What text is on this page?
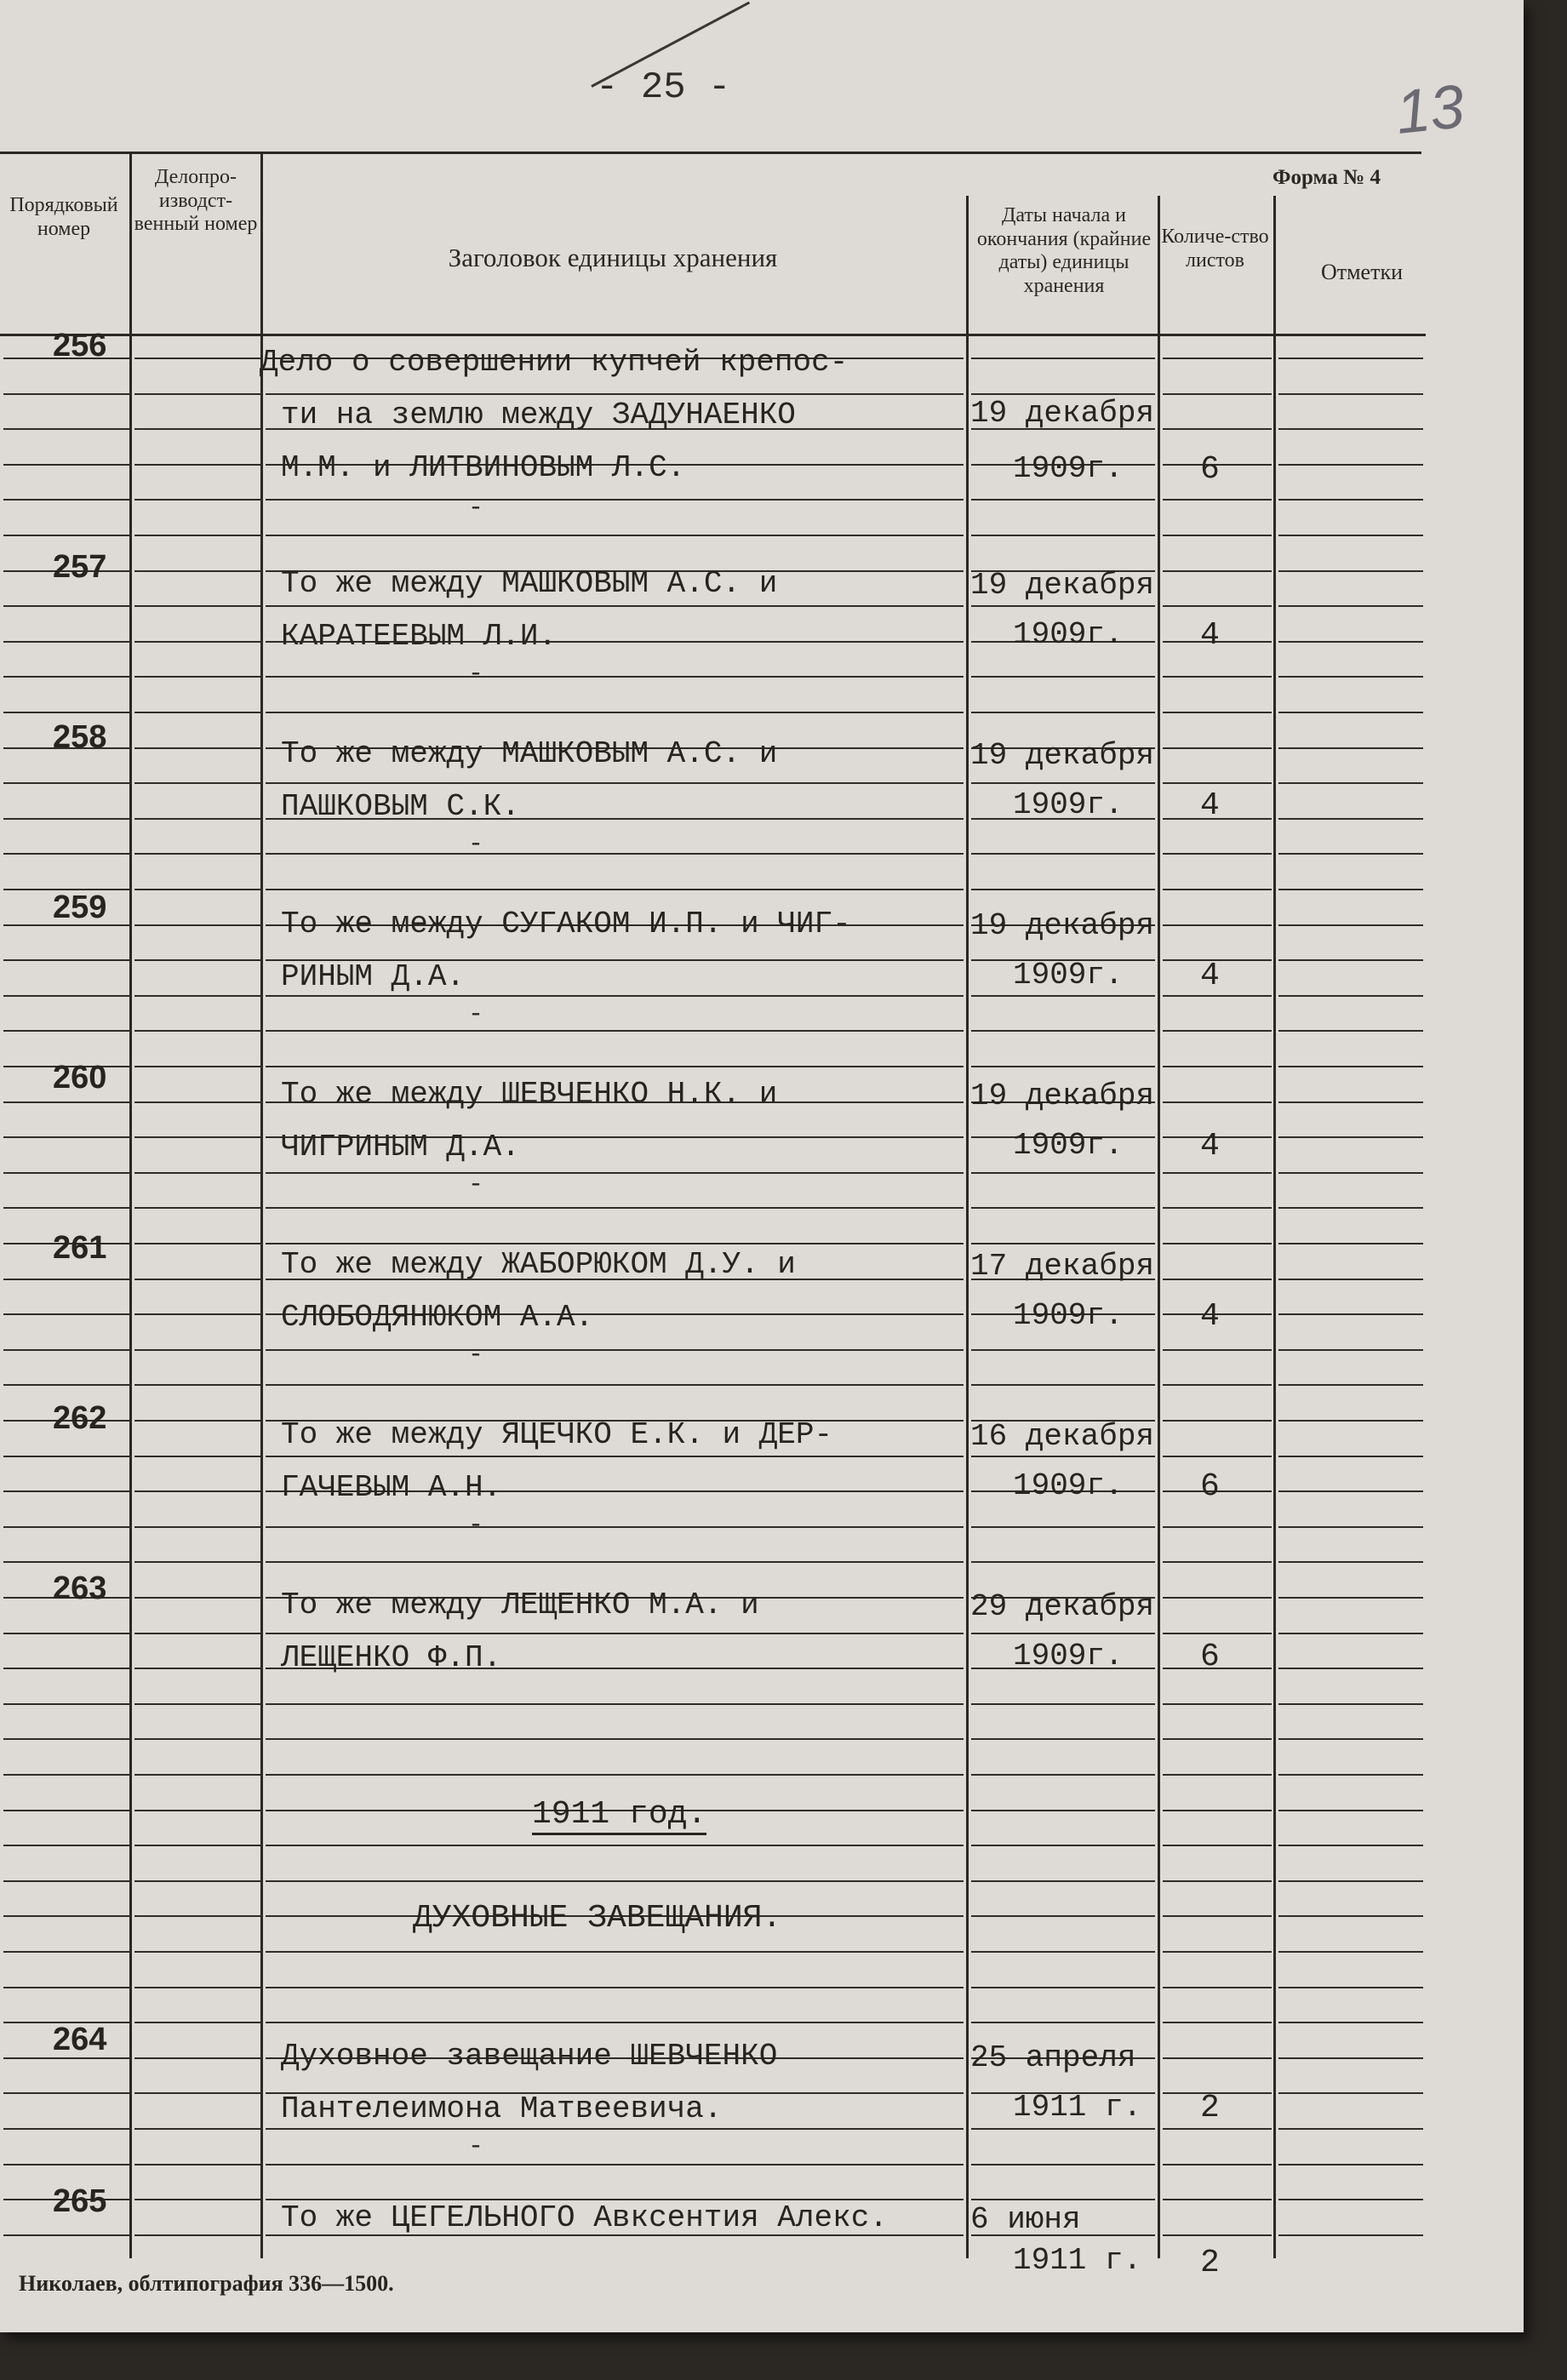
- 25 -	13
Форма № 4
Порядковый номер
Делопро-изводст-венный номер
Заголовок единицы хранения
Даты начала и окончания (крайние даты) единицы хранения
Количе-ство листов	Отметки
256	Дело о совершении купчей крепос-
ти на землю между ЗАДУНАЕНКО
М.М. и ЛИТВИНОВЫМ Л.С.
19 декабря
1909г. 6
-
257	То же между МАШКОВЫМ А.С. и
КАРАТЕЕВЫМ Л.И.
19 декабря
1909г. 4
-
258	То же между МАШКОВЫМ А.С. и
ПАШКОВЫМ С.К.
19 декабря
1909г. 4
-
259	То же между СУГАКОМ И.П. и ЧИГ-
РИНЫМ Д.А.
19 декабря
1909г. 4
-
260	То же между ШЕВЧЕНКО Н.К. и
ЧИГРИНЫМ Д.А.
19 декабря
1909г. 4
-
261	То же между ЖАБОРЮКОМ Д.У. и
СЛОБОДЯНЮКОМ А.А.
17 декабря
1909г. 4
-
262	То же между ЯЦЕЧКО Е.К. и ДЕР-
ГАЧЕВЫМ А.Н.
16 декабря
1909г. 6
-
263	То же между ЛЕЩЕНКО М.А. и
ЛЕЩЕНКО Ф.П.
29 декабря
1909г. 6
264	Духовное завещание ШЕВЧЕНКО
Пантелеимона Матвеевича.
25 апреля
1911 г. 2
-
265	То же ЦЕГЕЛЬНОГО Авксентия Алекс.	6 июня
1911 г. 2
1911 год.
ДУХОВНЫЕ ЗАВЕЩАНИЯ.
Николаев, облтипография 336—1500.
